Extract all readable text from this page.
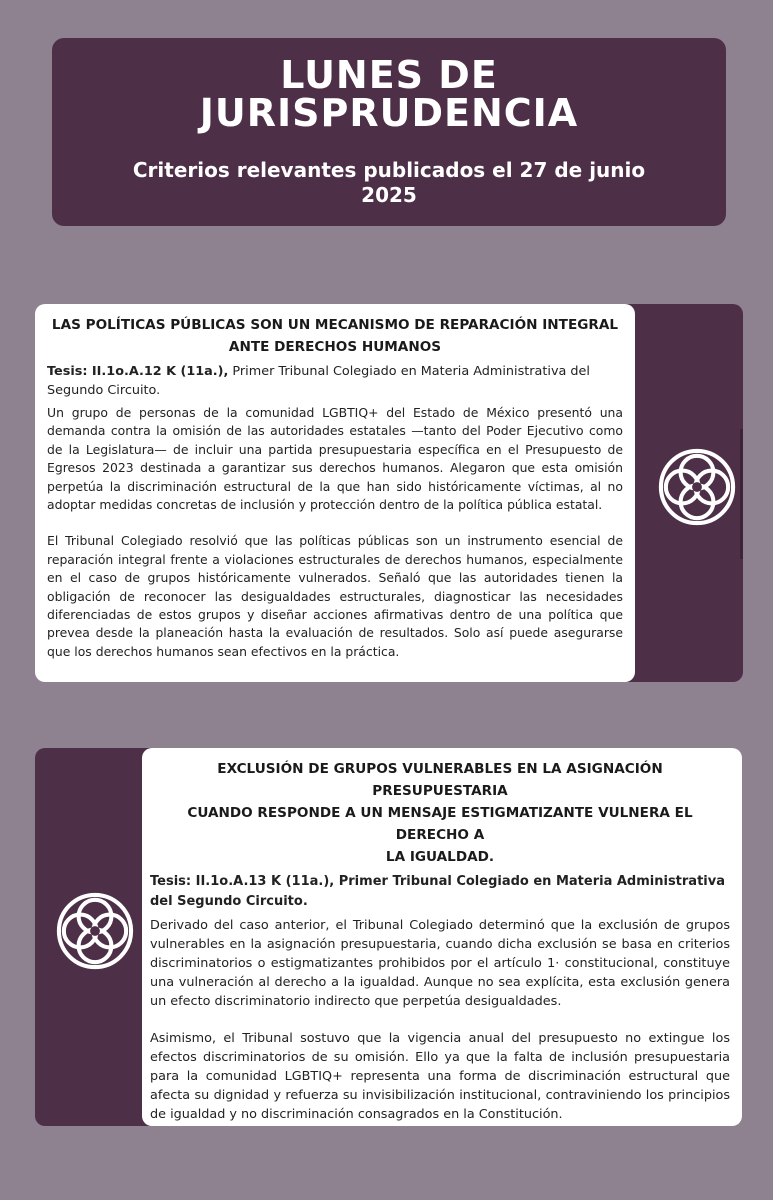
LUNES DE
JURISPRUDENCIA
Criterios relevantes publicados el 27 de junio
2025
LAS POLÍTICAS PÚBLICAS SON UN MECANISMO DE REPARACIÓN INTEGRAL
ANTE DERECHOS HUMANOS
Tesis: II.1o.A.12 K (11a.), Primer Tribunal Colegiado en Materia Administrativa del Segundo Circuito.

Un grupo de personas de la comunidad LGBTIQ+ del Estado de México presentó una demanda contra la omisión de las autoridades estatales —tanto del Poder Ejecutivo como de la Legislatura— de incluir una partida presupuestaria específica en el Presupuesto de Egresos 2023 destinada a garantizar sus derechos humanos. Alegaron que esta omisión perpetúa la discriminación estructural de la que han sido históricamente víctimas, al no adoptar medidas concretas de inclusión y protección dentro de la política pública estatal.

El Tribunal Colegiado resolvió que las políticas públicas son un instrumento esencial de reparación integral frente a violaciones estructurales de derechos humanos, especialmente en el caso de grupos históricamente vulnerados. Señaló que las autoridades tienen la obligación de reconocer las desigualdades estructurales, diagnosticar las necesidades diferenciadas de estos grupos y diseñar acciones afirmativas dentro de una política que prevea desde la planeación hasta la evaluación de resultados. Solo así puede asegurarse que los derechos humanos sean efectivos en la práctica.

EXCLUSIÓN DE GRUPOS VULNERABLES EN LA ASIGNACIÓN PRESUPUESTARIA
CUANDO RESPONDE A UN MENSAJE ESTIGMATIZANTE VULNERA EL DERECHO A
LA IGUALDAD.
Tesis: II.1o.A.13 K (11a.), Primer Tribunal Colegiado en Materia Administrativa del Segundo Circuito.

Derivado del caso anterior, el Tribunal Colegiado determinó que la exclusión de grupos vulnerables en la asignación presupuestaria, cuando dicha exclusión se basa en criterios discriminatorios o estigmatizantes prohibidos por el artículo 1· constitucional, constituye una vulneración al derecho a la igualdad. Aunque no sea explícita, esta exclusión genera un efecto discriminatorio indirecto que perpetúa desigualdades.

Asimismo, el Tribunal sostuvo que la vigencia anual del presupuesto no extingue los efectos discriminatorios de su omisión. Ello ya que la falta de inclusión presupuestaria para la comunidad LGBTIQ+ representa una forma de discriminación estructural que afecta su dignidad y refuerza su invisibilización institucional, contraviniendo los principios de igualdad y no discriminación consagrados en la Constitución.
